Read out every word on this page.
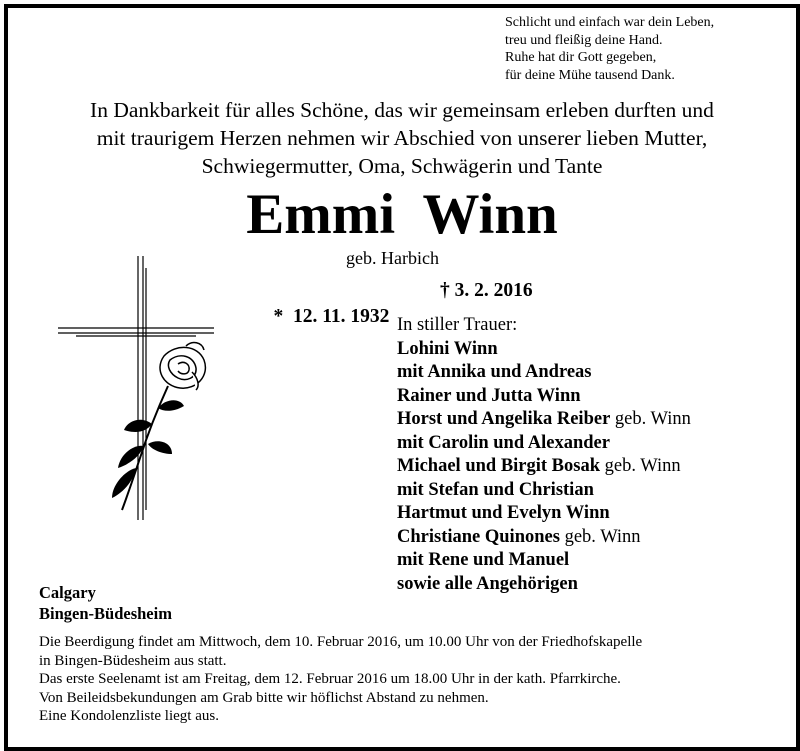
Schlicht und einfach war dein Leben,
treu und fleißig deine Hand.
Ruhe hat dir Gott gegeben,
für deine Mühe tausend Dank.
In Dankbarkeit für alles Schöne, das wir gemeinsam erleben durften und
mit traurigem Herzen nehmen wir Abschied von unserer lieben Mutter,
Schwiegermutter, Oma, Schwägerin und Tante
Emmi  Winn
geb. Harbich

*  12. 11. 1932

† 3. 2. 2016

In stiller Trauer:
Lohini Winn
mit Annika und Andreas
Rainer und Jutta Winn
Horst und Angelika Reiber geb. Winn
mit Carolin und Alexander
Michael und Birgit Bosak geb. Winn
mit Stefan und Christian
Hartmut und Evelyn Winn
Christiane Quinones geb. Winn
mit Rene und Manuel
sowie alle Angehörigen
Calgary
Bingen-Büdesheim
Die Beerdigung findet am Mittwoch, dem 10. Februar 2016, um 10.00 Uhr von der Friedhofskapelle
in Bingen-Büdesheim aus statt.
Das erste Seelenamt ist am Freitag, dem 12. Februar 2016 um 18.00 Uhr in der kath. Pfarrkirche.
Von Beileidsbekundungen am Grab bitte wir höflichst Abstand zu nehmen.
Eine Kondolenzliste liegt aus.
